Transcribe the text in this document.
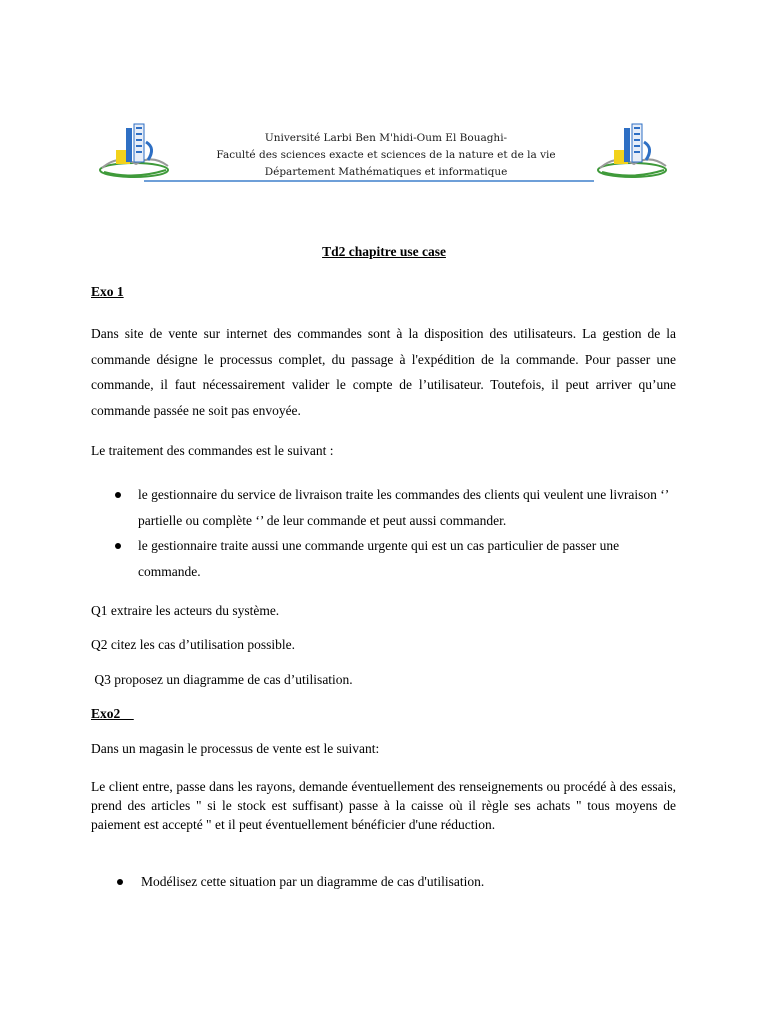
Université Larbi Ben M'hidi-Oum El Bouaghi-
Faculté des sciences exacte et sciences de la nature et de la vie
Département Mathématiques et informatique
Td2 chapitre use case
Exo 1
Dans site de vente sur internet des commandes sont à la disposition des utilisateurs. La gestion de la commande désigne le processus complet, du passage à l'expédition de la commande. Pour passer une commande, il faut nécessairement valider le compte de l’utilisateur. Toutefois, il peut arriver qu’une commande passée ne soit pas envoyée.
Le traitement des commandes est le suivant :
le gestionnaire du service de livraison traite les commandes des clients qui veulent une livraison ‘’ partielle ou complète ‘’ de leur commande et peut aussi commander.
le gestionnaire traite aussi une commande urgente qui est un cas particulier de passer une commande.
Q1 extraire les acteurs du système.
Q2 citez les cas d’utilisation possible.
Q3 proposez un diagramme de cas d’utilisation.
Exo2
Dans un magasin le processus de vente est le suivant:
Le client entre, passe dans les rayons, demande éventuellement des renseignements ou procédé à des essais, prend des articles " si le stock est suffisant) passe à la caisse où il règle ses achats " tous moyens de paiement est accepté " et il peut éventuellement bénéficier d'une réduction.
Modélisez cette situation par un diagramme de cas d'utilisation.
